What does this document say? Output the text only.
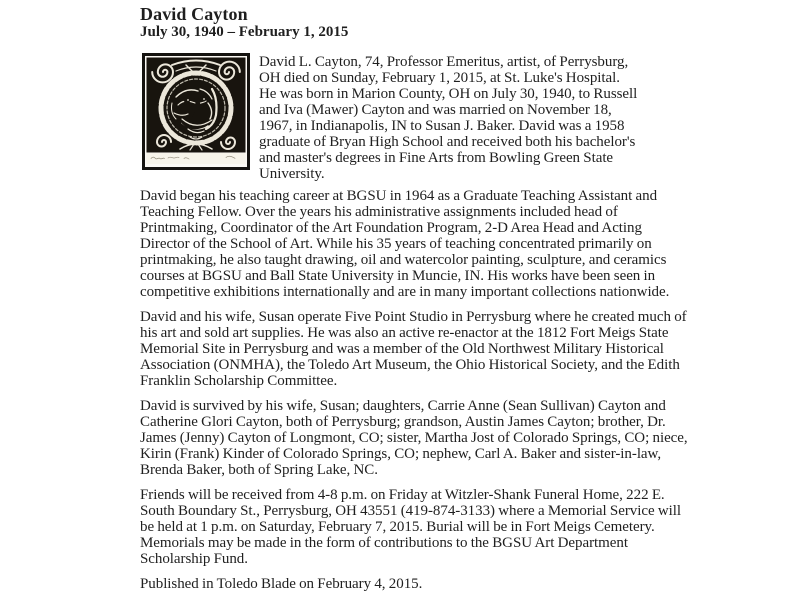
David Cayton
July 30, 1940 – February 1, 2015

David L. Cayton, 74, Professor Emeritus, artist, of Perrysburg, OH died on Sunday, February 1, 2015, at St. Luke's Hospital. He was born in Marion County, OH on July 30, 1940, to Russell and Iva (Mawer) Cayton and was married on November 18, 1967, in Indianapolis, IN to Susan J. Baker. David was a 1958 graduate of Bryan High School and received both his bachelor's and master's degrees in Fine Arts from Bowling Green State University.

David began his teaching career at BGSU in 1964 as a Graduate Teaching Assistant and Teaching Fellow. Over the years his administrative assignments included head of Printmaking, Coordinator of the Art Foundation Program, 2-D Area Head and Acting Director of the School of Art. While his 35 years of teaching concentrated primarily on printmaking, he also taught drawing, oil and watercolor painting, sculpture, and ceramics courses at BGSU and Ball State University in Muncie, IN. His works have been seen in competitive exhibitions internationally and are in many important collections nationwide.

David and his wife, Susan operate Five Point Studio in Perrysburg where he created much of his art and sold art supplies. He was also an active re-enactor at the 1812 Fort Meigs State Memorial Site in Perrysburg and was a member of the Old Northwest Military Historical Association (ONMHA), the Toledo Art Museum, the Ohio Historical Society, and the Edith Franklin Scholarship Committee.

David is survived by his wife, Susan; daughters, Carrie Anne (Sean Sullivan) Cayton and Catherine Glori Cayton, both of Perrysburg; grandson, Austin James Cayton; brother, Dr. James (Jenny) Cayton of Longmont, CO; sister, Martha Jost of Colorado Springs, CO; niece, Kirin (Frank) Kinder of Colorado Springs, CO; nephew, Carl A. Baker and sister-in-law, Brenda Baker, both of Spring Lake, NC.

Friends will be received from 4-8 p.m. on Friday at Witzler-Shank Funeral Home, 222 E. South Boundary St., Perrysburg, OH 43551 (419-874-3133) where a Memorial Service will be held at 1 p.m. on Saturday, February 7, 2015. Burial will be in Fort Meigs Cemetery. Memorials may be made in the form of contributions to the BGSU Art Department Scholarship Fund.

Published in Toledo Blade on February 4, 2015.
